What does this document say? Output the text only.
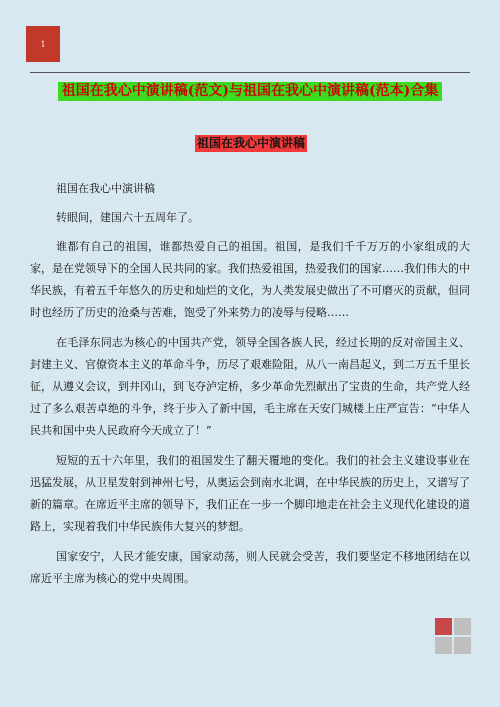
1
祖国在我心中演讲稿(范文)与祖国在我心中演讲稿(范本)合集
祖国在我心中演讲稿

祖国在我心中演讲稿

转眼间，建国六十五周年了。

谁都有自己的祖国，谁都热爱自己的祖国。祖国，是我们千千万万的小家组成的大家，是在党领导下的全国人民共同的家。我们热爱祖国，热爱我们的国家……我们伟大的中华民族，有着五千年悠久的历史和灿烂的文化，为人类发展史做出了不可磨灭的贡献，但同时也经历了历史的沧桑与苦难，饱受了外来势力的凌辱与侵略……

在毛泽东同志为核心的中国共产党，领导全国各族人民，经过长期的反对帝国主义、封建主义、官僚资本主义的革命斗争，历尽了艰难险阻，从八一南昌起义，到二万五千里长征，从遵义会议，到井冈山，到飞夺泸定桥，多少革命先烈献出了宝贵的生命，共产党人经过了多么艰苦卓绝的斗争，终于步入了新中国，毛主席在天安门城楼上庄严宣告：“中华人民共和国中央人民政府今天成立了！”

短短的五十六年里，我们的祖国发生了翻天覆地的变化。我们的社会主义建设事业在迅猛发展，从卫星发射到神州七号，从奥运会到南水北调，在中华民族的历史上，又谱写了新的篇章。在席近平主席的领导下，我们正在一步一个脚印地走在社会主义现代化建设的道路上，实现着我们中华民族伟大复兴的梦想。

国家安宁，人民才能安康，国家动荡，则人民就会受苦，我们要坚定不移地团结在以席近平主席为核心的党中央周围。
